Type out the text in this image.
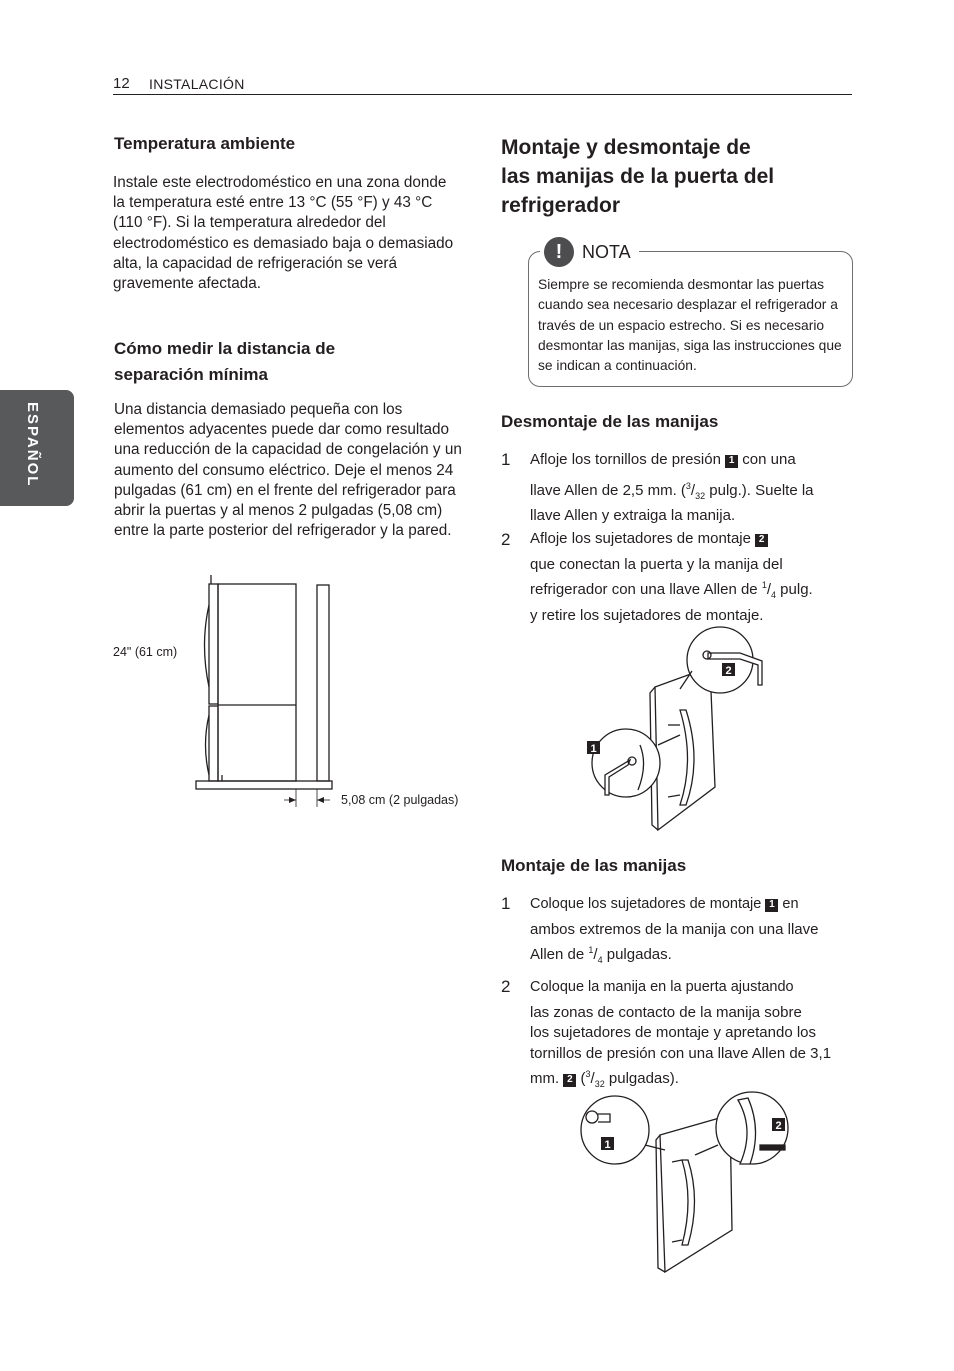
12 INSTALACIÓN
ESPAÑOL
Temperatura ambiente
Instale este electrodoméstico en una zona donde la temperatura esté entre 13 °C (55 °F) y 43 °C (110 °F). Si la temperatura alrededor del electrodoméstico es demasiado baja o demasiado alta, la capacidad de refrigeración se verá gravemente afectada.
Cómo medir la distancia de
separación mínima
Una distancia demasiado pequeña con los elementos adyacentes puede dar como resultado una reducción de la capacidad de congelación y un aumento del consumo eléctrico. Deje el menos 24 pulgadas (61 cm) en el frente del refrigerador para abrir la puertas y al menos 2 pulgadas (5,08 cm) entre la parte posterior del refrigerador y la pared.
24" (61 cm)
5,08 cm (2 pulgadas)
Montaje y desmontaje de
las manijas de la puerta del
refrigerador
!	NOTA
Siempre se recomienda desmontar las puertas cuando sea necesario desplazar el refrigerador a través de un espacio estrecho. Si es necesario desmontar las manijas, siga las instrucciones que se indican a continuación.
Desmontaje de las manijas
1 Afloje los tornillos de presión 1 con una
llave Allen de 2,5 mm. ($^3/_{32}$ pulg.). Suelte la
llave Allen y extraiga la manija.
2 Afloje los sujetadores de montaje 2
que conectan la puerta y la manija del
refrigerador con una llave Allen de $^1/_4$ pulg.
y retire los sujetadores de montaje.
2
1
Montaje de las manijas
1 Coloque los sujetadores de montaje 1 en
ambos extremos de la manija con una llave
Allen de $^1/_4$ pulgadas.
2 Coloque la manija en la puerta ajustando
las zonas de contacto de la manija sobre
los sujetadores de montaje y apretando los
tornillos de presión con una llave Allen de 3,1
mm. 2 ($^3/_{32}$ pulgadas).
1
2
